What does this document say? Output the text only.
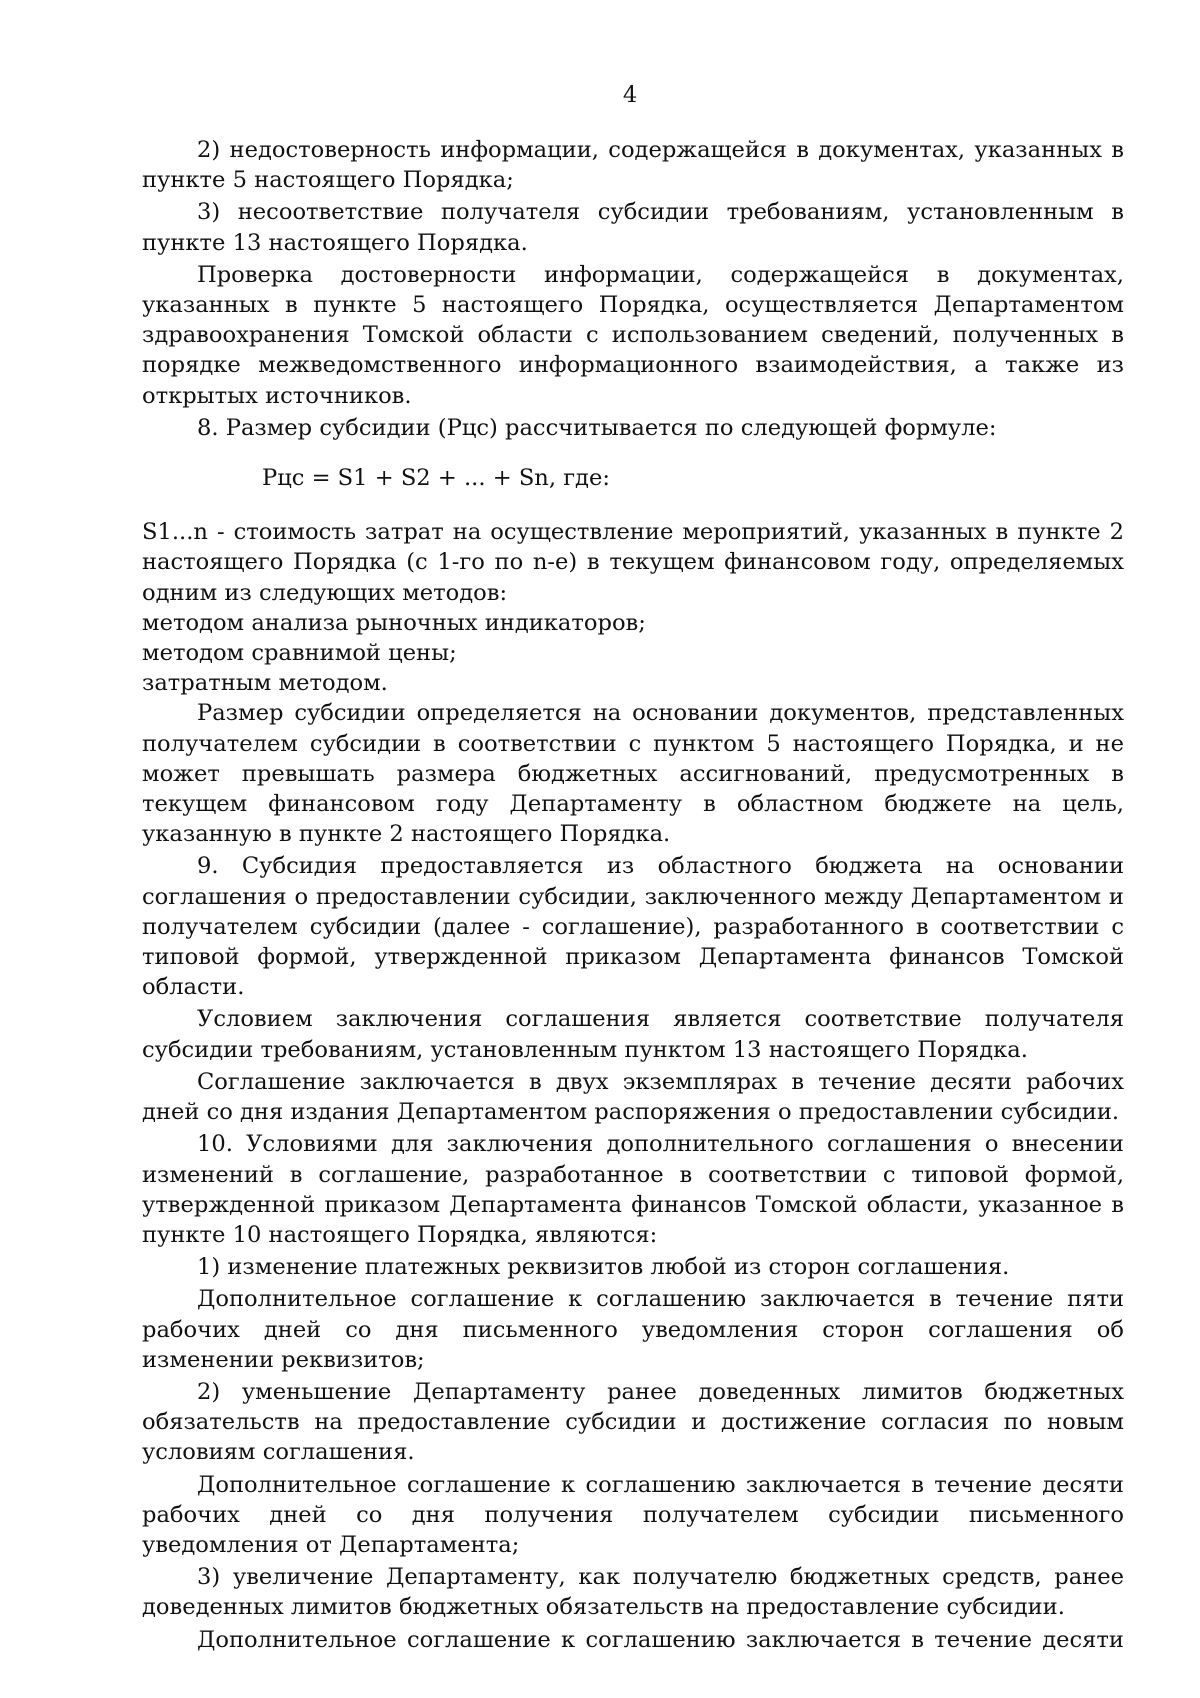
4

2) недостоверность информации, содержащейся в документах, указанных в пункте 5 настоящего Порядка;

3) несоответствие получателя субсидии требованиям, установленным в пункте 13 настоящего Порядка.

Проверка достоверности информации, содержащейся в документах, указанных в пункте 5 настоящего Порядка, осуществляется Департаментом здравоохранения Томской области с использованием сведений, полученных в порядке межведомственного информационного взаимодействия, а также из открытых источников.

8. Размер субсидии (Рцс) рассчитывается по следующей формуле:

Рцс = S1 + S2 + ... + Sn, где:

S1...n - стоимость затрат на осуществление мероприятий, указанных в пункте 2 настоящего Порядка (с 1-го по n-е) в текущем финансовом году, определяемых одним из следующих методов:

методом анализа рыночных индикаторов;

методом сравнимой цены;

затратным методом.

Размер субсидии определяется на основании документов, представленных получателем субсидии в соответствии с пунктом 5 настоящего Порядка, и не может превышать размера бюджетных ассигнований, предусмотренных в текущем финансовом году Департаменту в областном бюджете на цель, указанную в пункте 2 настоящего Порядка.

9. Субсидия предоставляется из областного бюджета на основании соглашения о предоставлении субсидии, заключенного между Департаментом и получателем субсидии (далее - соглашение), разработанного в соответствии с типовой формой, утвержденной приказом Департамента финансов Томской области.

Условием заключения соглашения является соответствие получателя субсидии требованиям, установленным пунктом 13 настоящего Порядка.

Соглашение заключается в двух экземплярах в течение десяти рабочих дней со дня издания Департаментом распоряжения о предоставлении субсидии.

10. Условиями для заключения дополнительного соглашения о внесении изменений в соглашение, разработанное в соответствии с типовой формой, утвержденной приказом Департамента финансов Томской области, указанное в пункте 10 настоящего Порядка, являются:

1) изменение платежных реквизитов любой из сторон соглашения.

Дополнительное соглашение к соглашению заключается в течение пяти рабочих дней со дня письменного уведомления сторон соглашения об изменении реквизитов;

2) уменьшение Департаменту ранее доведенных лимитов бюджетных обязательств на предоставление субсидии и достижение согласия по новым условиям соглашения.

Дополнительное соглашение к соглашению заключается в течение десяти рабочих дней со дня получения получателем субсидии письменного уведомления от Департамента;

3) увеличение Департаменту, как получателю бюджетных средств, ранее доведенных лимитов бюджетных обязательств на предоставление субсидии.

Дополнительное соглашение к соглашению заключается в течение десяти
